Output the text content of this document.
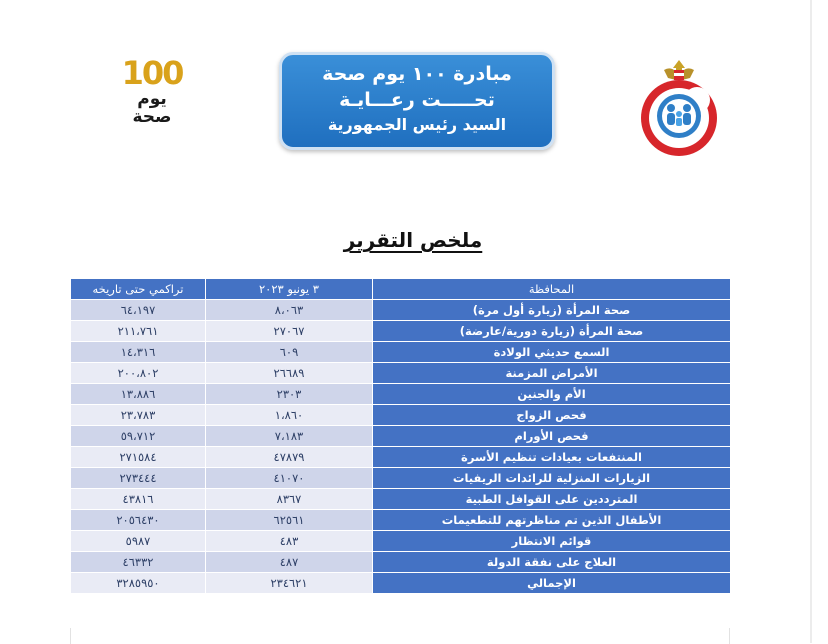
100
يوم
صحة
مبادرة ١٠٠ يوم صحة
تحـــــت رعـــايـة
السيد رئيس الجمهورية
ملخص التقرير
المحافظة	٣ يونيو ٢٠٢٣	تراكمي حتى تاريخه
صحة المرأة (زيارة أول مرة)	٨،٠٦٣	٦٤،١٩٧
صحة المرأة (زيارة دورية/عارضة)	٢٧٠٦٧	٢١١،٧٦١
السمع حديثي الولادة	٦٠٩	١٤،٣١٦
الأمراض المزمنة	٢٦٦٨٩	٢٠٠،٨٠٢
الأم والجنين	٢٣٠٣	١٣،٨٨٦
فحص الزواج	١،٨٦٠	٢٣،٧٨٣
فحص الأورام	٧،١٨٣	٥٩،٧١٢
المنتفعات بعيادات تنظيم الأسرة	٤٧٨٧٩	٢٧١٥٨٤
الزيارات المنزلية للرائدات الريفيات	٤١٠٧٠	٢٧٣٤٤٤
المترددين على القوافل الطبية	٨٣٦٧	٤٣٨١٦
الأطفال الذين تم مناظرتهم للتطعيمات	٦٢٥٦١	٢٠٥٦٤٣٠
قوائم الانتظار	٤٨٣	٥٩٨٧
العلاج على نفقة الدولة	٤٨٧	٤٦٣٣٢
الإجمالي	٢٣٤٦٢١	٣٢٨٥٩٥٠
